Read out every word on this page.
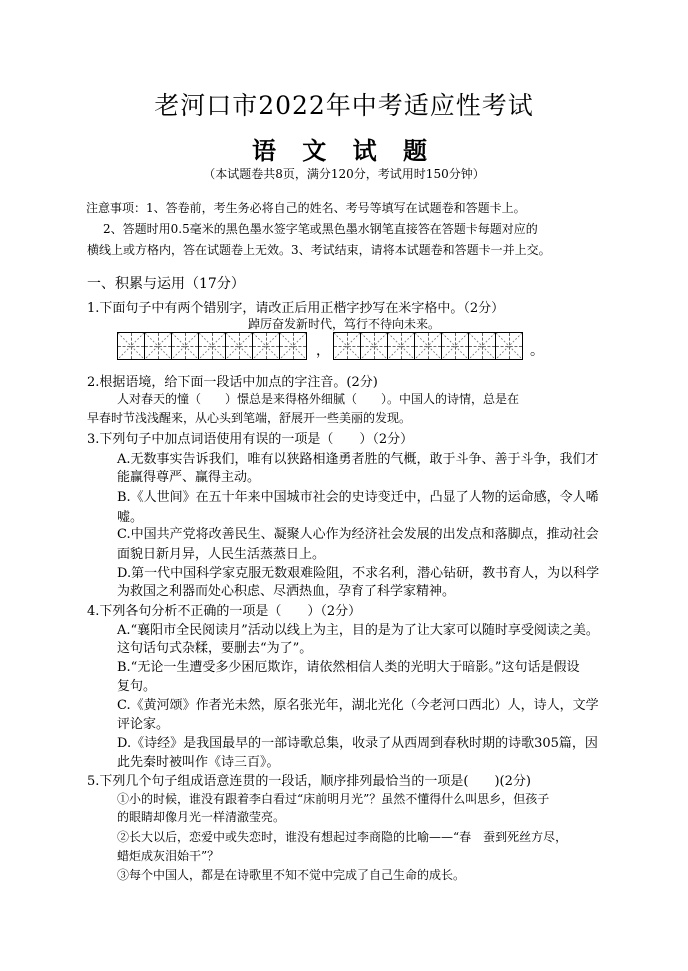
老河口市2022年中考适应性考试
语 文 试 题
（本试题卷共8页，满分120分，考试用时150分钟）
注意事项：1、答卷前，考生务必将自己的姓名、考号等填写在试题卷和答题卡上。
2、答题时用0.5毫米的黑色墨水签字笔或黑色墨水钢笔直接答在答题卡每题对应的
横线上或方格内，答在试题卷上无效。3、考试结束，请将本试题卷和答题卡一并上交。
一、积累与运用（17分）
1.下面句子中有两个错别字，请改正后用正楷字抄写在米字格中。（2分）
踔厉奋发新时代，笃行不待向未来。
，	。
2.根据语境，给下面一段话中加点的字注音。(2分)
人对春天的憧（　　）憬总是来得格外细腻（　　）。中国人的诗情，总是在
早春时节浅浅醒来，从心头到笔端，舒展开一些美丽的发现。
3.下列句子中加点词语使用有误的一项是（　　）（2分）
A.无数事实告诉我们，唯有以狭路相逢勇者胜的气概，敢于斗争、善于斗争，我们才
能赢得尊严、赢得主动。
B.《人世间》在五十年来中国城市社会的史诗变迁中，凸显了人物的运命感，令人唏
嘘。
C.中国共产党将改善民生、凝聚人心作为经济社会发展的出发点和落脚点，推动社会
面貌日新月异，人民生活蒸蒸日上。
D.第一代中国科学家克服无数艰难险阻，不求名利，潜心钻研，教书育人，为以科学
为救国之利器而处心积虑、尽洒热血，孕育了科学家精神。
4.下列各句分析不正确的一项是（　　）（2分）
A.“襄阳市全民阅读月”活动以线上为主，目的是为了让大家可以随时享受阅读之美。
这句话句式杂糅，要删去“为了”。
B.“无论一生遭受多少困厄欺诈，请依然相信人类的光明大于暗影。”这句话是假设
复句。
C.《黄河颂》作者光未然，原名张光年，湖北光化（今老河口西北）人，诗人，文学
评论家。
D.《诗经》是我国最早的一部诗歌总集，收录了从西周到春秋时期的诗歌305篇，因
此先秦时被叫作《诗三百》。
5.下列几个句子组成语意连贯的一段话，顺序排列最恰当的一项是(　　)(2分)
①小的时候，谁没有跟着李白看过“床前明月光”？虽然不懂得什么叫思乡，但孩子
的眼睛却像月光一样清澈莹亮。
②长大以后，恋爱中或失恋时，谁没有想起过李商隐的比喻——“春　蚕到死丝方尽，
蜡炬成灰泪始干”？
③每个中国人，都是在诗歌里不知不觉中完成了自己生命的成长。
